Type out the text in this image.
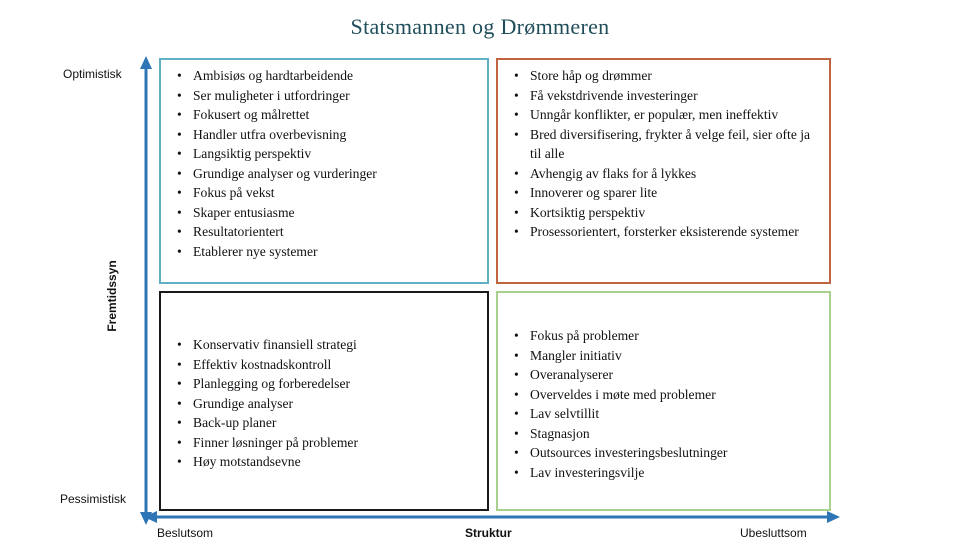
Statsmannen og Drømmeren
Optimistisk
Pessimistisk
Fremtidssyn
Beslutsom	Struktur	Ubesluttsom
• Ambisiøs og hardtarbeidende
• Ser muligheter i utfordringer
• Fokusert og målrettet
• Handler utfra overbevisning
• Langsiktig perspektiv
• Grundige analyser og vurderinger
• Fokus på vekst
• Skaper entusiasme
• Resultatorientert
• Etablerer nye systemer
• Store håp og drømmer
• Få vekstdrivende investeringer
• Unngår konflikter, er populær, men ineffektiv
• Bred diversifisering, frykter å velge feil, sier ofte ja til alle
• Avhengig av flaks for å lykkes
• Innoverer og sparer lite
• Kortsiktig perspektiv
• Prosessorientert, forsterker eksisterende systemer
• Konservativ finansiell strategi
• Effektiv kostnadskontroll
• Planlegging og forberedelser
• Grundige analyser
• Back-up planer
• Finner løsninger på problemer
• Høy motstandsevne
• Fokus på problemer
• Mangler initiativ
• Overanalyserer
• Overveldes i møte med problemer
• Lav selvtillit
• Stagnasjon
• Outsources investeringsbeslutninger
• Lav investeringsvilje
